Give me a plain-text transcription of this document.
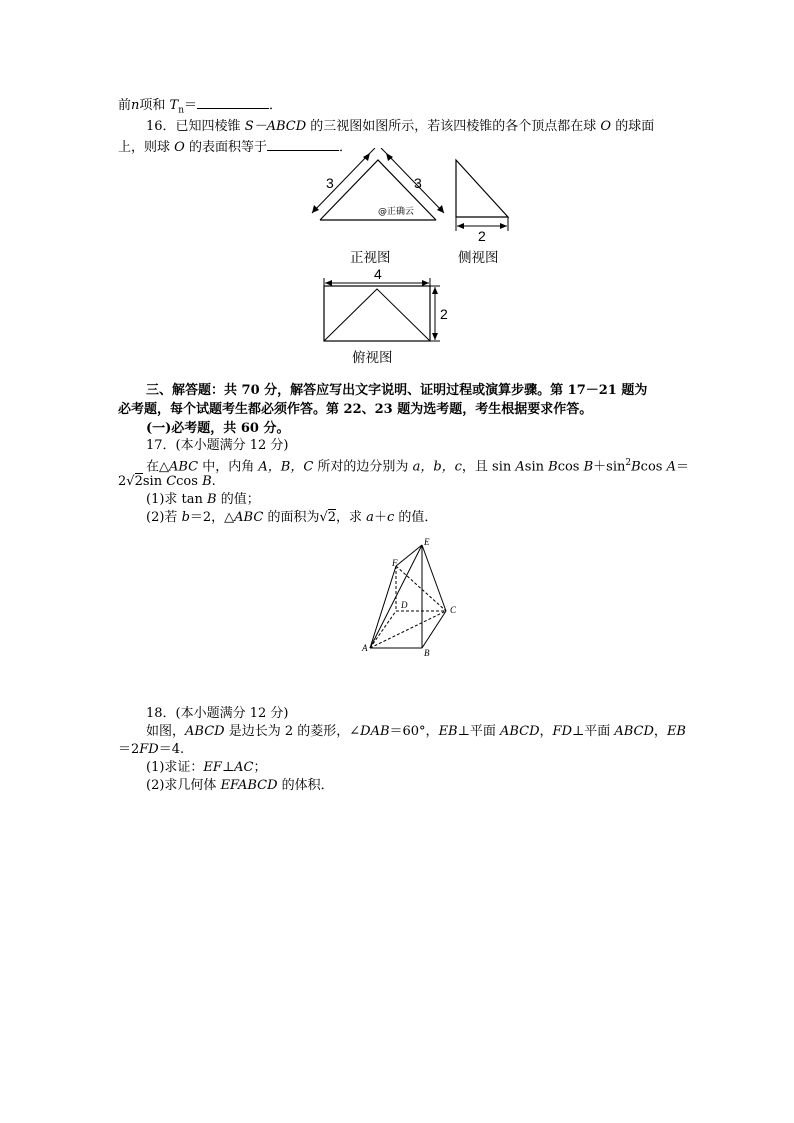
前n项和 $T_n=$	．
16．已知四棱锥 S－ABCD 的三视图如图所示，若该四棱锥的各个顶点都在球 O 的球面
上，则球 O 的表面积等于	．
3	3
@正确云
2
正视图	侧视图
4
2
俯视图
三、解答题：共 70 分，解答应写出文字说明、证明过程或演算步骤。第 17－21 题为
必考题，每个试题考生都必须作答。第 22、23 题为选考题，考生根据要求作答。
(一)必考题，共 60 分。
17．(本小题满分 12 分)
在△ABC 中，内角 A，B，C 所对的边分别为 a，b，c，且 sin Asin Bcos $B+\sin^2Bcos$ A＝
2√2sin Ccos B.
(1)求 tan B 的值；
(2)若 b＝2，△ABC 的面积为√2，求 a＋c 的值．
E
F
D	C
A	B
18．(本小题满分 12 分)
如图，ABCD 是边长为 2 的菱形，∠DAB＝60°，EB⊥平面 ABCD，FD⊥平面 ABCD，EB
＝2FD＝4.
(1)求证：EF⊥AC；
(2)求几何体 EFABCD 的体积．
